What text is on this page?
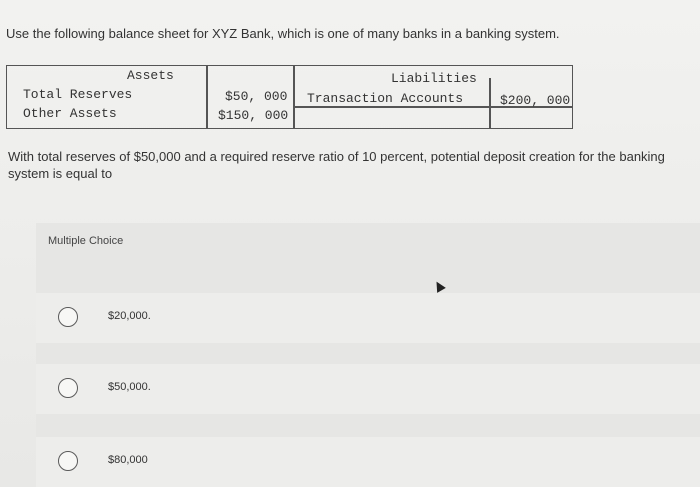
Use the following balance sheet for XYZ Bank, which is one of many banks in a banking system.
Assets	Liabilities
Total Reserves	$50, 000 Transaction Accounts	$200, 000
Other Assets	$150, 000
With total reserves of $50,000 and a required reserve ratio of 10 percent, potential deposit creation for the banking system is equal to
Multiple Choice
$20,000.
$50,000.
$80,000
